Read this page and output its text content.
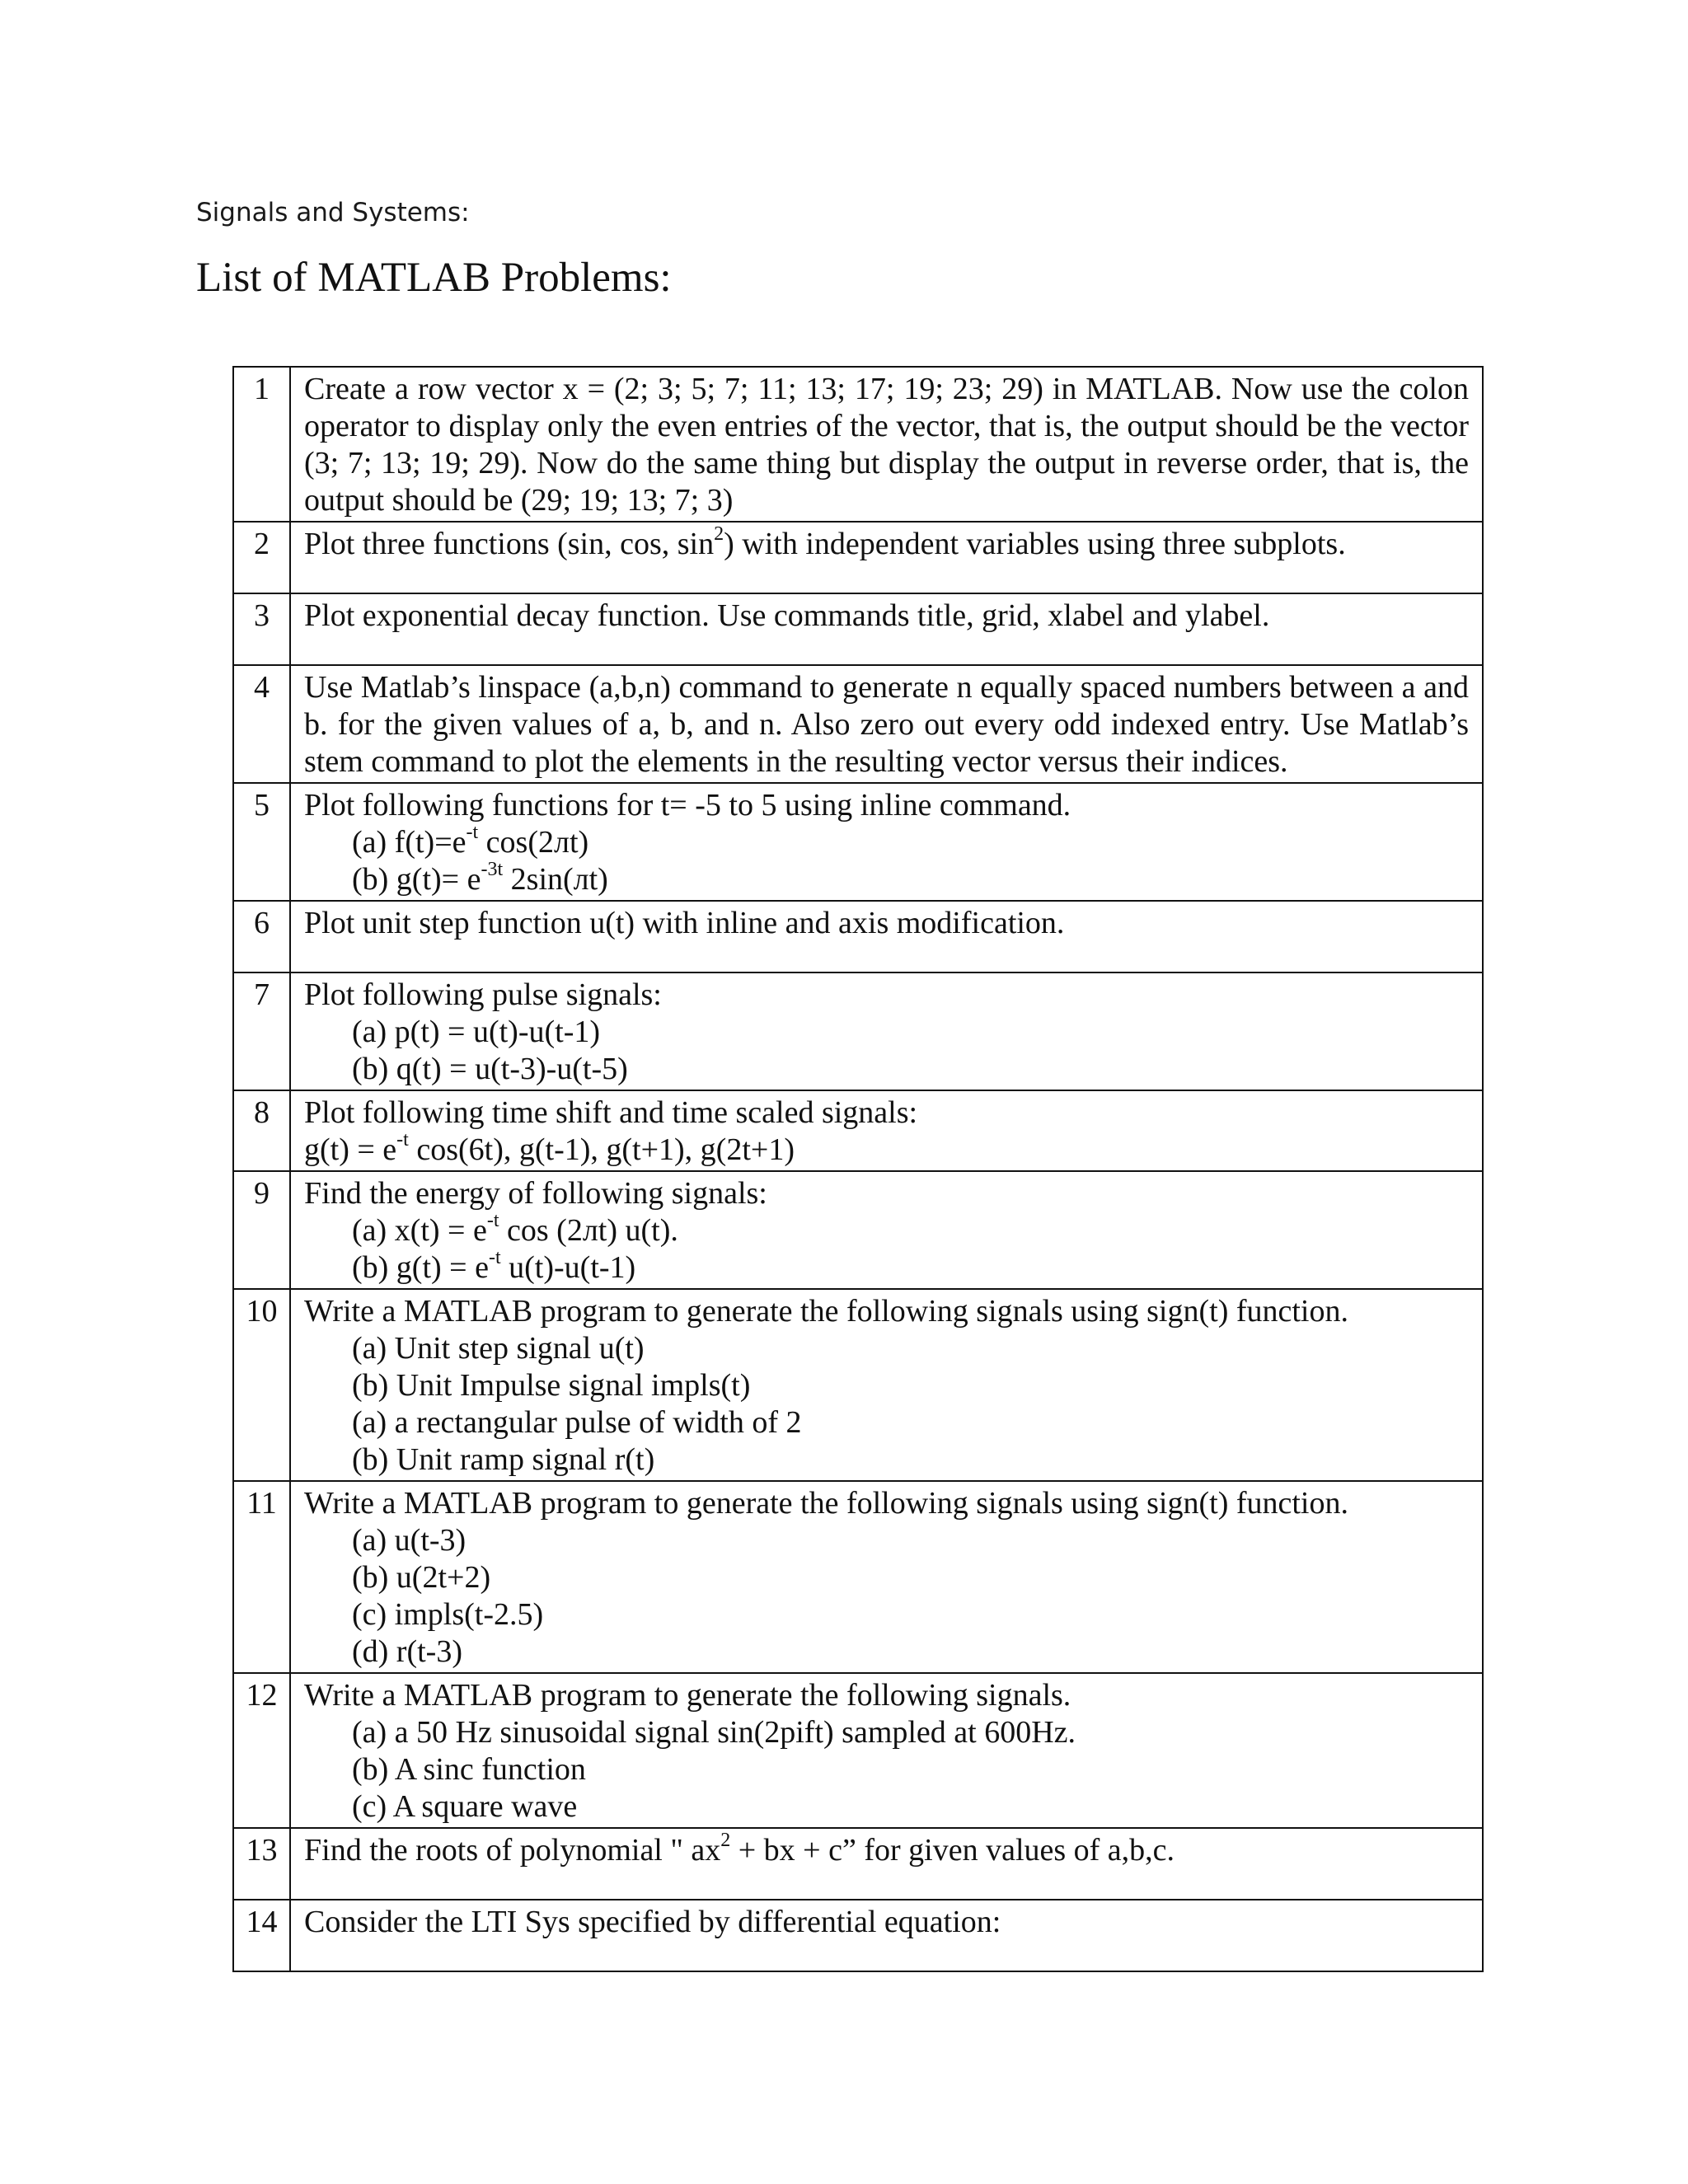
Signals and Systems:
List of MATLAB Problems:
1	Create a row vector x = (2; 3; 5; 7; 11; 13; 17; 19; 23; 29) in MATLAB. Now use the colon operator to display only the even entries of the vector, that is, the output should be the vector (3; 7; 13; 19; 29). Now do the same thing but display the output in reverse order, that is, the output should be (29; 19; 13; 7; 3)
2	Plot three functions (sin, cos, $\sin^2$) with independent variables using three subplots.

3	Plot exponential decay function. Use commands title, grid, xlabel and ylabel.

4	Use Matlab’s linspace (a,b,n) command to generate n equally spaced numbers between a and b. for the given values of a, b, and n. Also zero out every odd indexed entry. Use Matlab’s stem command to plot the elements in the resulting vector versus their indices.
5	Plot following functions for t= -5 to 5 using inline command.
(a) $f(t)=e^{-t}$ cos(2лt)
(b) $g(t)= e^{-3t}$ 2sin(лt)

6	Plot unit step function u(t) with inline and axis modification.

7	Plot following pulse signals:
(a) p(t) = u(t)-u(t-1)
(b) q(t) = u(t-3)-u(t-5)

8	Plot following time shift and time scaled signals:
$g(t) = e^{-t}$ cos(6t), g(t-1), g(t+1), g(2t+1)
9	Find the energy of following signals:
(a) $x(t) = e^{-t}$ cos (2лt) u(t).
(b) $g(t) = e^{-t}$ u(t)-u(t-1)

10	Write a MATLAB program to generate the following signals using sign(t) function.
(a) Unit step signal u(t)
(b) Unit Impulse signal impls(t)
(a) a rectangular pulse of width of 2
(b) Unit ramp signal r(t)

11	Write a MATLAB program to generate the following signals using sign(t) function.
(a) u(t-3)
(b) u(2t+2)
(c) impls(t-2.5)
(d) r(t-3)

12	Write a MATLAB program to generate the following signals.
(a) a 50 Hz sinusoidal signal sin(2pift) sampled at 600Hz.
(b) A sinc function
(c) A square wave

13	Find the roots of polynomial " $ax^2$ + bx + c” for given values of a,b,c.

14	Consider the LTI Sys specified by differential equation:
